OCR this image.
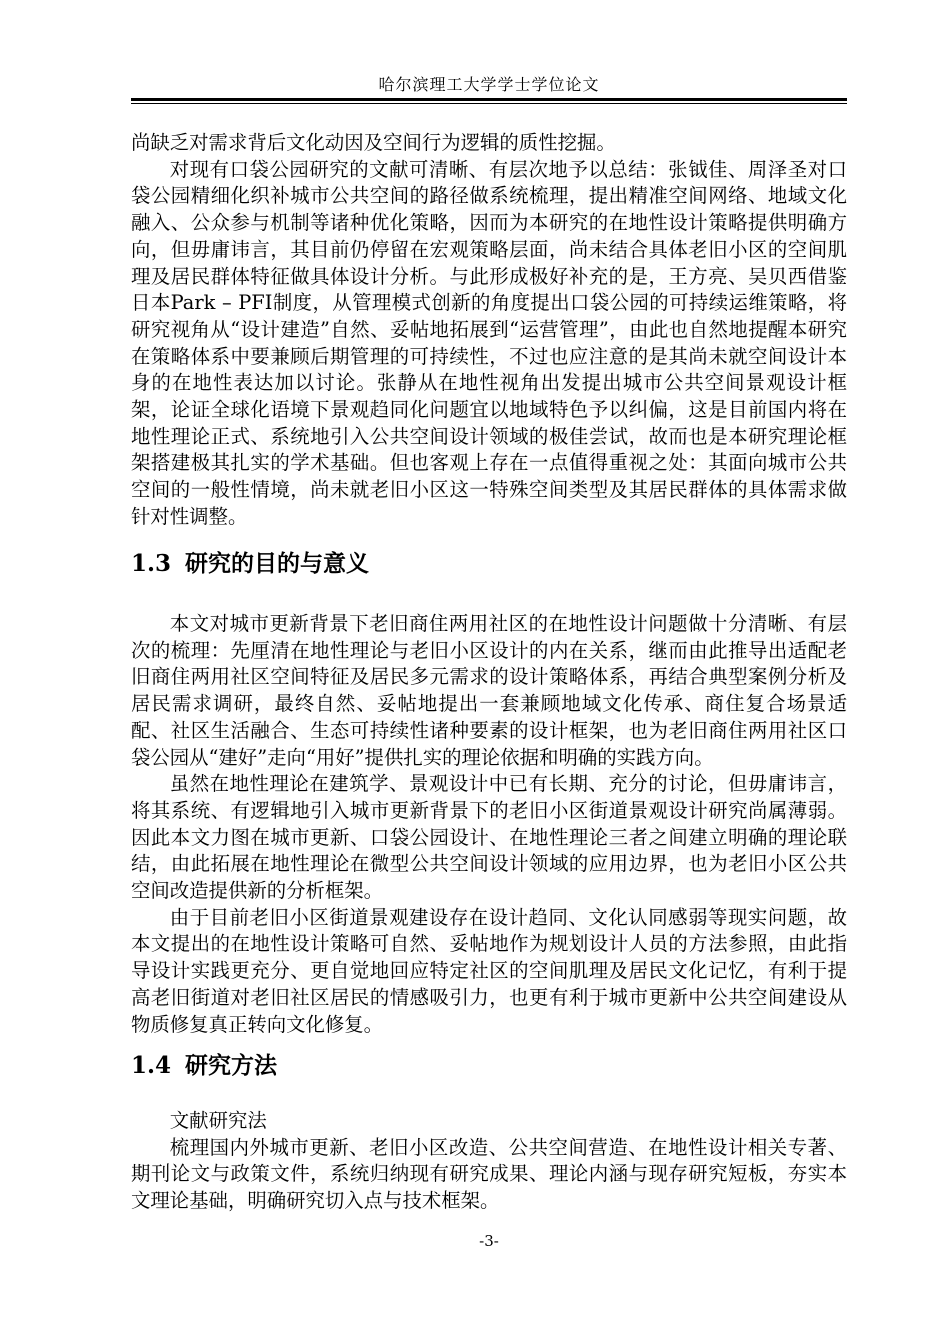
哈尔滨理工大学学士学位论文

尚缺乏对需求背后文化动因及空间行为逻辑的质性挖掘。

对现有口袋公园研究的文献可清晰、有层次地予以总结：张钺佳、周泽圣对口袋公园精细化织补城市公共空间的路径做系统梳理，提出精准空间网络、地域文化融入、公众参与机制等诸种优化策略，因而为本研究的在地性设计策略提供明确方向，但毋庸讳言，其目前仍停留在宏观策略层面，尚未结合具体老旧小区的空间肌理及居民群体特征做具体设计分析。与此形成极好补充的是，王方亮、吴贝西借鉴日本Park – PFI制度，从管理模式创新的角度提出口袋公园的可持续运维策略，将研究视角从“设计建造”自然、妥帖地拓展到“运营管理”，由此也自然地提醒本研究在策略体系中要兼顾后期管理的可持续性，不过也应注意的是其尚未就空间设计本身的在地性表达加以讨论。张静从在地性视角出发提出城市公共空间景观设计框架，论证全球化语境下景观趋同化问题宜以地域特色予以纠偏，这是目前国内将在地性理论正式、系统地引入公共空间设计领域的极佳尝试，故而也是本研究理论框架搭建极其扎实的学术基础。但也客观上存在一点值得重视之处：其面向城市公共空间的一般性情境，尚未就老旧小区这一特殊空间类型及其居民群体的具体需求做针对性调整。

1.3 研究的目的与意义

本文对城市更新背景下老旧商住两用社区的在地性设计问题做十分清晰、有层次的梳理：先厘清在地性理论与老旧小区设计的内在关系，继而由此推导出适配老旧商住两用社区空间特征及居民多元需求的设计策略体系，再结合典型案例分析及居民需求调研，最终自然、妥帖地提出一套兼顾地域文化传承、商住复合场景适配、社区生活融合、生态可持续性诸种要素的设计框架，也为老旧商住两用社区口袋公园从“建好”走向“用好”提供扎实的理论依据和明确的实践方向。

虽然在地性理论在建筑学、景观设计中已有长期、充分的讨论，但毋庸讳言，将其系统、有逻辑地引入城市更新背景下的老旧小区街道景观设计研究尚属薄弱。因此本文力图在城市更新、口袋公园设计、在地性理论三者之间建立明确的理论联结，由此拓展在地性理论在微型公共空间设计领域的应用边界，也为老旧小区公共空间改造提供新的分析框架。

由于目前老旧小区街道景观建设存在设计趋同、文化认同感弱等现实问题，故本文提出的在地性设计策略可自然、妥帖地作为规划设计人员的方法参照，由此指导设计实践更充分、更自觉地回应特定社区的空间肌理及居民文化记忆，有利于提高老旧街道对老旧社区居民的情感吸引力，也更有利于城市更新中公共空间建设从物质修复真正转向文化修复。

1.4 研究方法

文献研究法

梳理国内外城市更新、老旧小区改造、公共空间营造、在地性设计相关专著、期刊论文与政策文件，系统归纳现有研究成果、理论内涵与现存研究短板，夯实本文理论基础，明确研究切入点与技术框架。

-3-
